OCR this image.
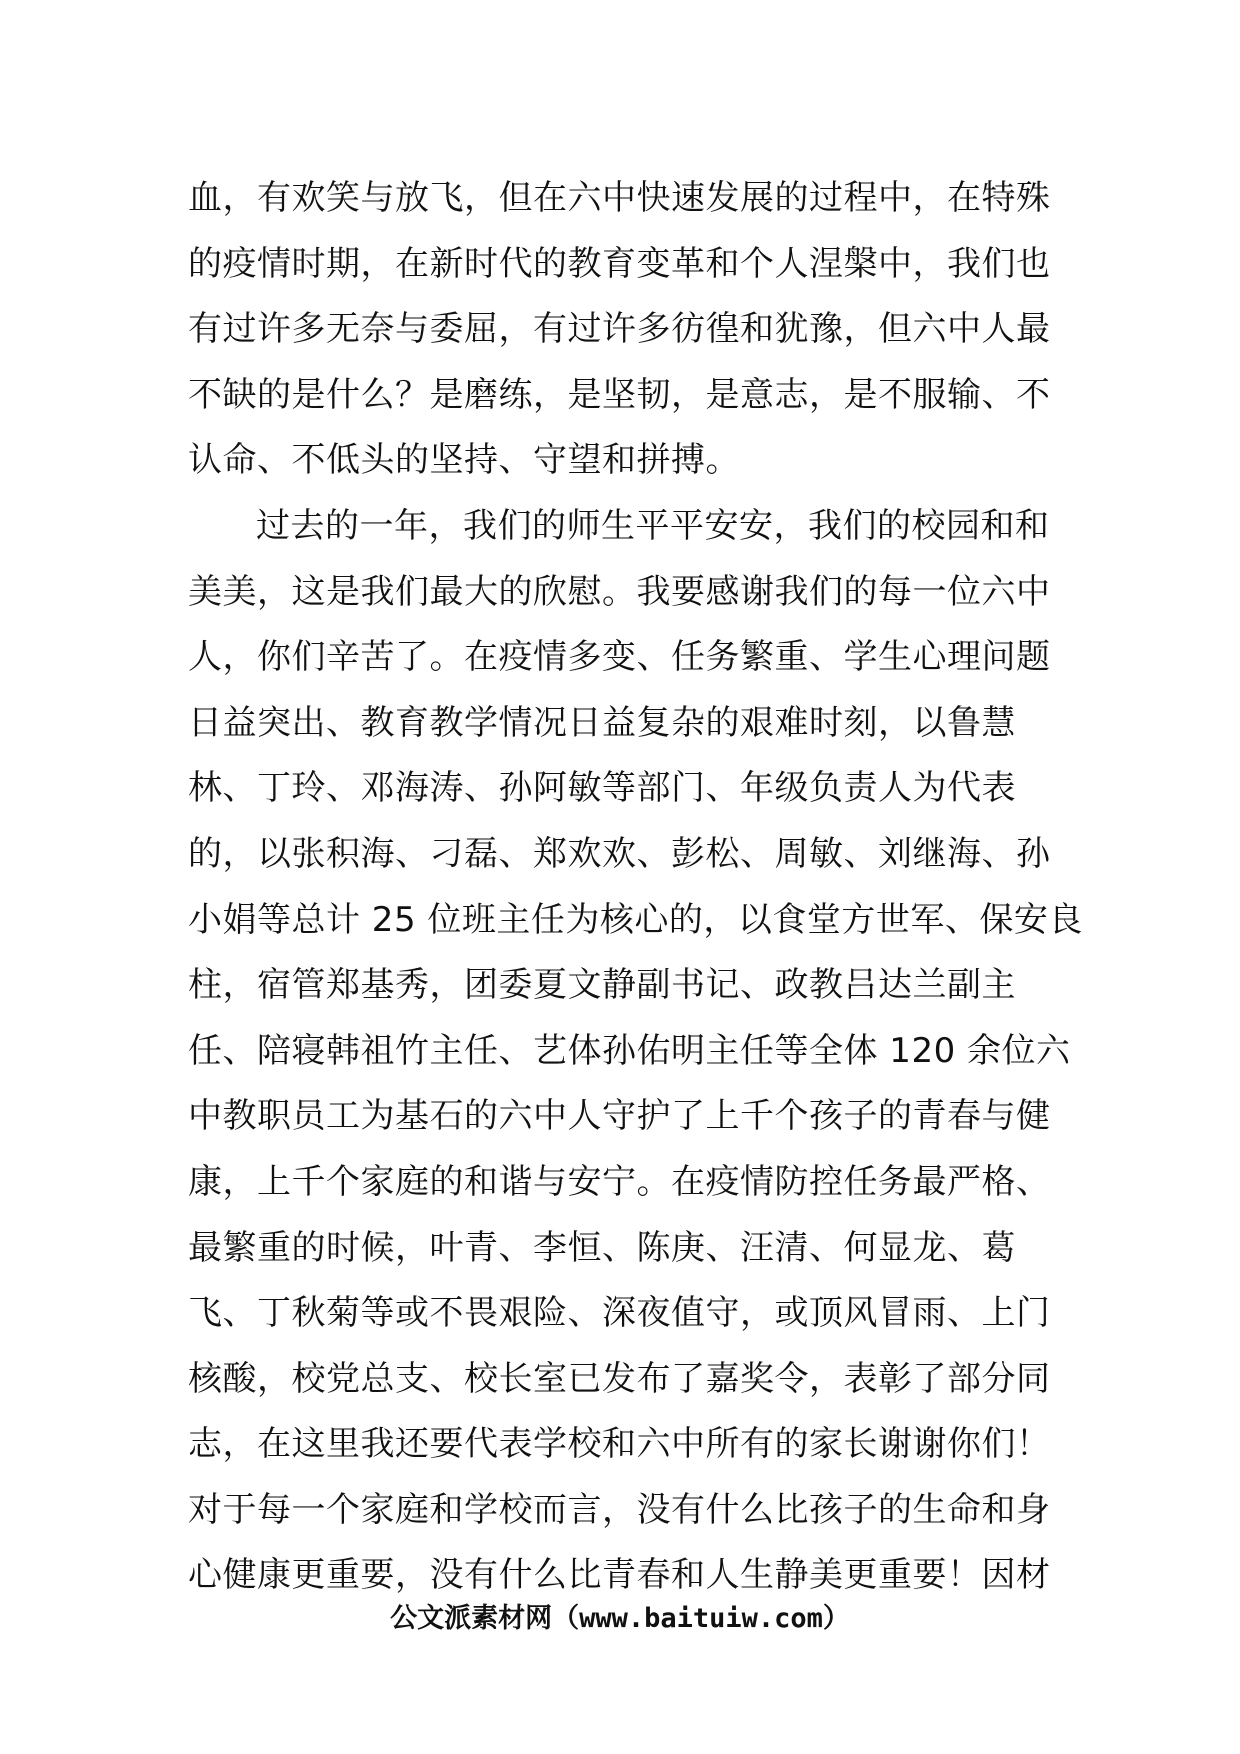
血，有欢笑与放飞，但在六中快速发展的过程中，在特殊
的疫情时期，在新时代的教育变革和个人涅槃中，我们也
有过许多无奈与委屈，有过许多彷徨和犹豫，但六中人最
不缺的是什么？是磨练，是坚韧，是意志，是不服输、不
认命、不低头的坚持、守望和拼搏。
过去的一年，我们的师生平平安安，我们的校园和和
美美，这是我们最大的欣慰。我要感谢我们的每一位六中
人，你们辛苦了。在疫情多变、任务繁重、学生心理问题
日益突出、教育教学情况日益复杂的艰难时刻，以鲁慧
林、丁玲、邓海涛、孙阿敏等部门、年级负责人为代表
的，以张积海、刁磊、郑欢欢、彭松、周敏、刘继海、孙
小娟等总计 25 位班主任为核心的，以食堂方世军、保安良
柱，宿管郑基秀，团委夏文静副书记、政教吕达兰副主
任、陪寝韩祖竹主任、艺体孙佑明主任等全体 120 余位六
中教职员工为基石的六中人守护了上千个孩子的青春与健
康，上千个家庭的和谐与安宁。在疫情防控任务最严格、
最繁重的时候，叶青、李恒、陈庚、汪清、何显龙、葛
飞、丁秋菊等或不畏艰险、深夜值守，或顶风冒雨、上门
核酸，校党总支、校长室已发布了嘉奖令，表彰了部分同
志，在这里我还要代表学校和六中所有的家长谢谢你们！
对于每一个家庭和学校而言，没有什么比孩子的生命和身
心健康更重要，没有什么比青春和人生静美更重要！因材
公文派素材网（www.baituiw.com）
